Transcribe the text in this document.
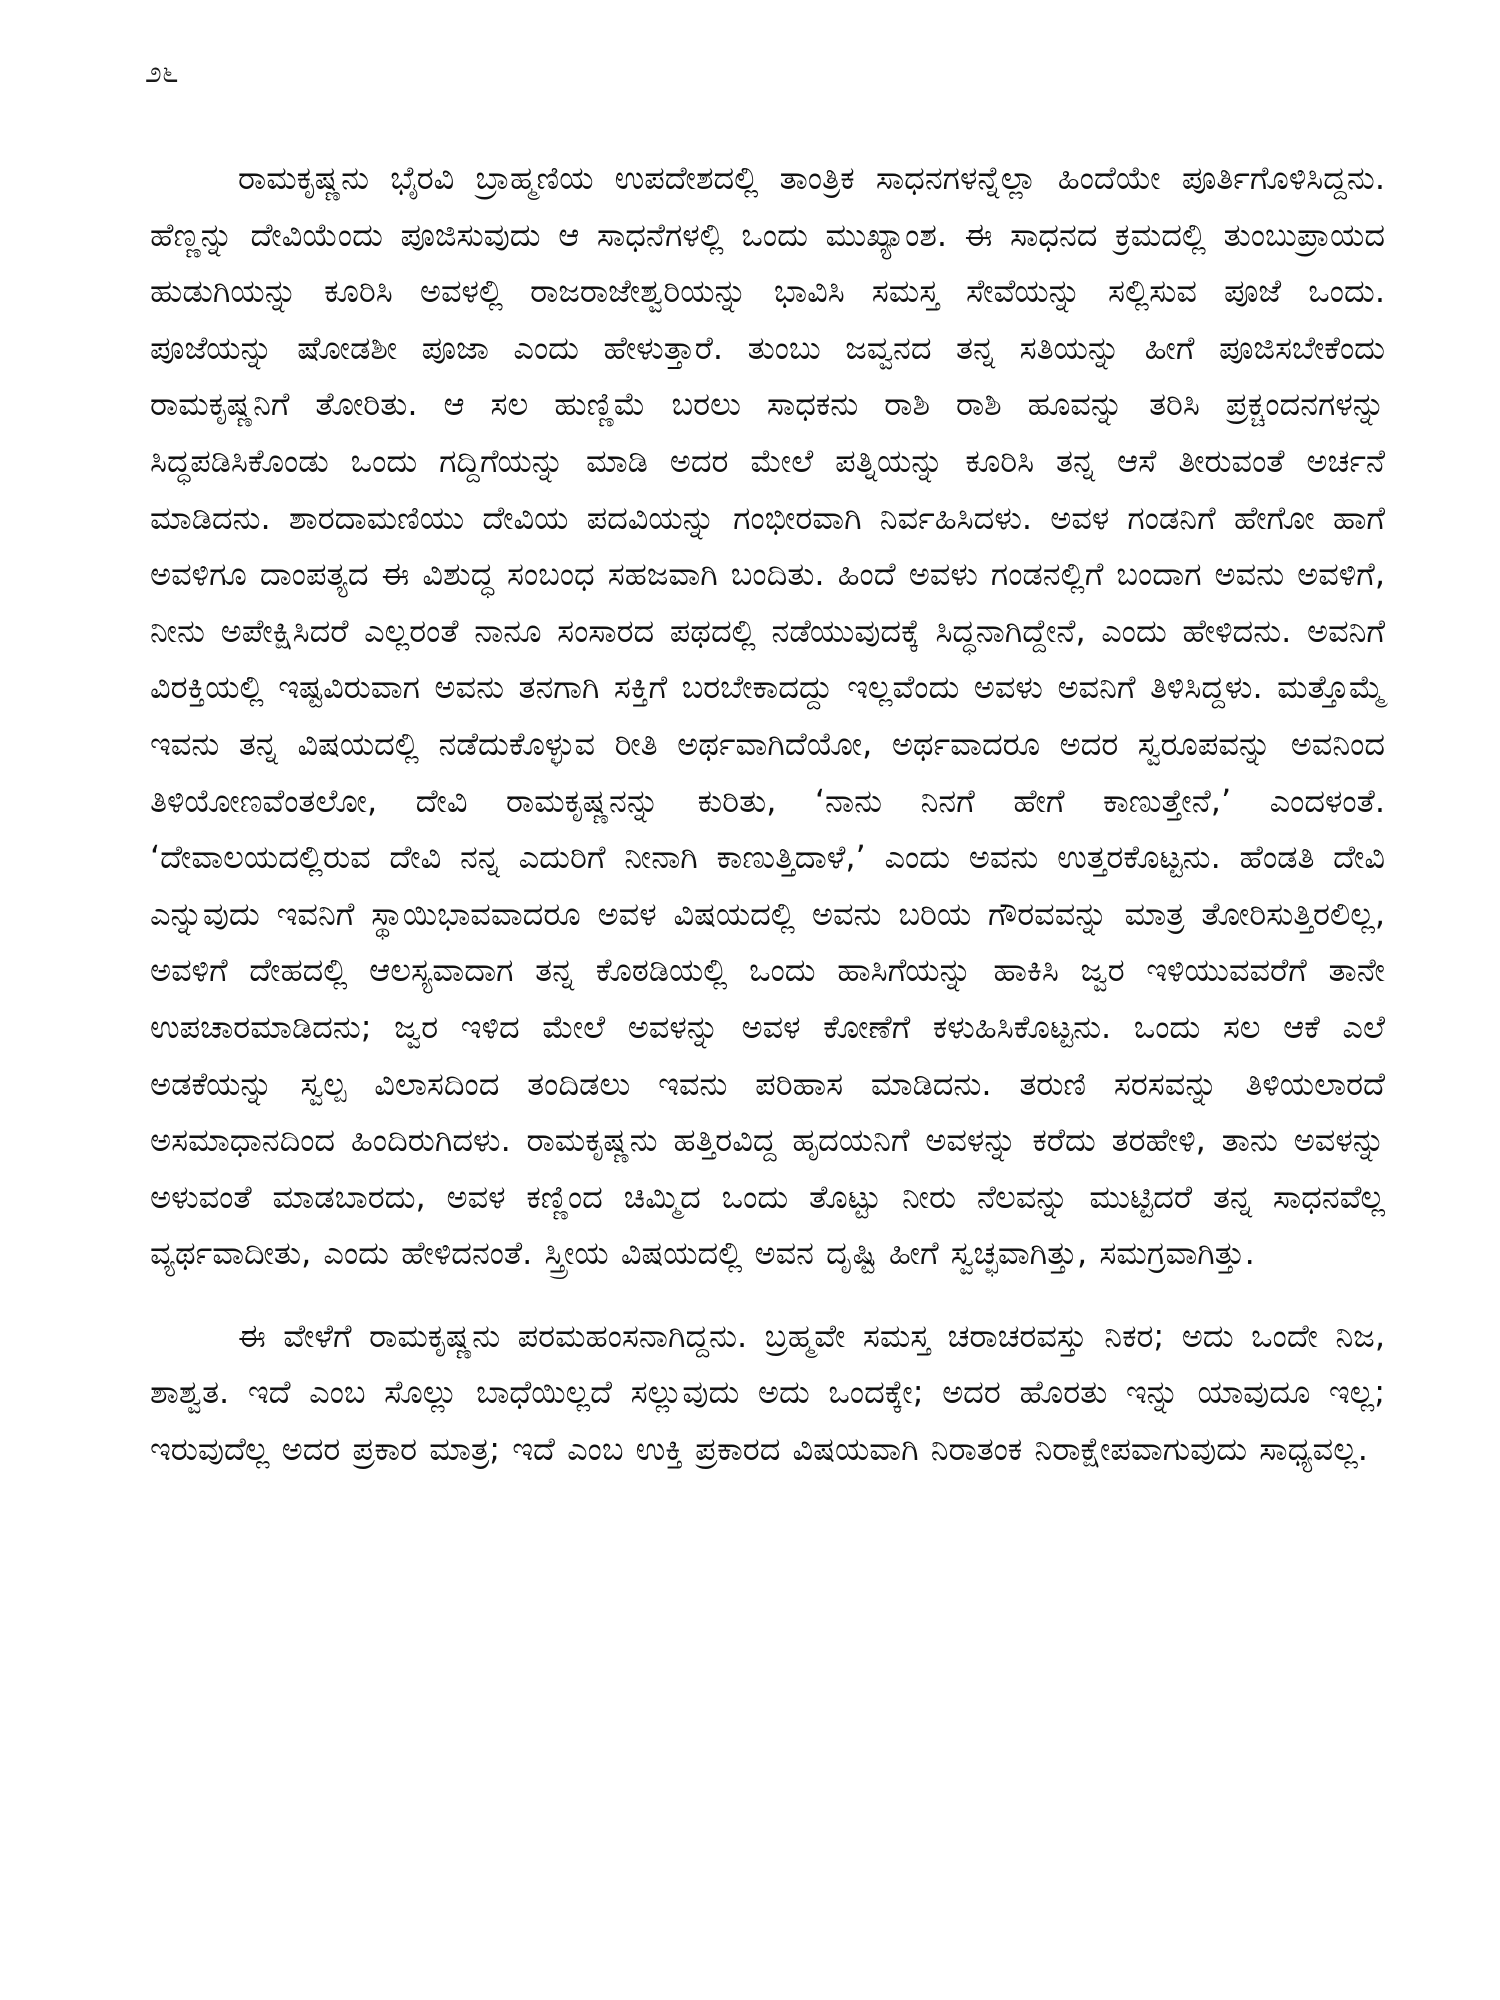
೨೬

ರಾಮಕೃಷ್ಣನು ಭೈರವಿ ಬ್ರಾಹ್ಮಣಿಯ ಉಪದೇಶದಲ್ಲಿ ತಾಂತ್ರಿಕ ಸಾಧನಗಳನ್ನೆಲ್ಲಾ ಹಿಂದೆಯೇ ಪೂರ್ತಿಗೊಳಿಸಿದ್ದನು. ಹೆಣ್ಣನ್ನು ದೇವಿಯೆಂದು ಪೂಜಿಸುವುದು ಆ ಸಾಧನೆಗಳಲ್ಲಿ ಒಂದು ಮುಖ್ಯಾಂಶ. ಈ ಸಾಧನದ ಕ್ರಮದಲ್ಲಿ ತುಂಬುಪ್ರಾಯದ ಹುಡುಗಿಯನ್ನು ಕೂರಿಸಿ ಅವಳಲ್ಲಿ ರಾಜರಾಜೇಶ್ವರಿಯನ್ನು ಭಾವಿಸಿ ಸಮಸ್ತ ಸೇವೆಯನ್ನು ಸಲ್ಲಿಸುವ ಪೂಜೆ ಒಂದು. ಪೂಜೆಯನ್ನು ಷೋಡಶೀ ಪೂಜಾ ಎಂದು ಹೇಳುತ್ತಾರೆ. ತುಂಬು ಜವ್ವನದ ತನ್ನ ಸತಿಯನ್ನು ಹೀಗೆ ಪೂಜಿಸಬೇಕೆಂದು ರಾಮಕೃಷ್ಣನಿಗೆ ತೋರಿತು. ಆ ಸಲ ಹುಣ್ಣಿಮೆ ಬರಲು ಸಾಧಕನು ರಾಶಿ ರಾಶಿ ಹೂವನ್ನು ತರಿಸಿ ಪ್ರಕ್ಚಂದನಗಳನ್ನು ಸಿದ್ಧಪಡಿಸಿಕೊಂಡು ಒಂದು ಗದ್ದಿಗೆಯನ್ನು ಮಾಡಿ ಅದರ ಮೇಲೆ ಪತ್ನಿಯನ್ನು ಕೂರಿಸಿ ತನ್ನ ಆಸೆ ತೀರುವಂತೆ ಅರ್ಚನೆ ಮಾಡಿದನು. ಶಾರದಾಮಣಿಯು ದೇವಿಯ ಪದವಿಯನ್ನು ಗಂಭೀರವಾಗಿ ನಿರ್ವಹಿಸಿದಳು. ಅವಳ ಗಂಡನಿಗೆ ಹೇಗೋ ಹಾಗೆ ಅವಳಿಗೂ ದಾಂಪತ್ಯದ ಈ ವಿಶುದ್ಧ ಸಂಬಂಧ ಸಹಜವಾಗಿ ಬಂದಿತು. ಹಿಂದೆ ಅವಳು ಗಂಡನಲ್ಲಿಗೆ ಬಂದಾಗ ಅವನು ಅವಳಿಗೆ, ನೀನು ಅಪೇಕ್ಷಿಸಿದರೆ ಎಲ್ಲರಂತೆ ನಾನೂ ಸಂಸಾರದ ಪಥದಲ್ಲಿ ನಡೆಯುವುದಕ್ಕೆ ಸಿದ್ಧನಾಗಿದ್ದೇನೆ, ಎಂದು ಹೇಳಿದನು. ಅವನಿಗೆ ವಿರಕ್ತಿಯಲ್ಲಿ ಇಷ್ಟವಿರುವಾಗ ಅವನು ತನಗಾಗಿ ಸಕ್ತಿಗೆ ಬರಬೇಕಾದದ್ದು ಇಲ್ಲವೆಂದು ಅವಳು ಅವನಿಗೆ ತಿಳಿಸಿದ್ದಳು. ಮತ್ತೊಮ್ಮೆ ಇವನು ತನ್ನ ವಿಷಯದಲ್ಲಿ ನಡೆದುಕೊಳ್ಳುವ ರೀತಿ ಅರ್ಥವಾಗಿದೆಯೋ, ಅರ್ಥವಾದರೂ ಅದರ ಸ್ವರೂಪವನ್ನು ಅವನಿಂದ ತಿಳಿಯೋಣವೆಂತಲೋ, ದೇವಿ ರಾಮಕೃಷ್ಣನನ್ನು ಕುರಿತು, ‘ನಾನು ನಿನಗೆ ಹೇಗೆ ಕಾಣುತ್ತೇನೆ,’ ಎಂದಳಂತೆ. ‘ದೇವಾಲಯದಲ್ಲಿರುವ ದೇವಿ ನನ್ನ ಎದುರಿಗೆ ನೀನಾಗಿ ಕಾಣುತ್ತಿದಾಳೆ,’ ಎಂದು ಅವನು ಉತ್ತರಕೊಟ್ಟನು. ಹೆಂಡತಿ ದೇವಿ ಎನ್ನುವುದು ಇವನಿಗೆ ಸ್ಥಾಯಿಭಾವವಾದರೂ ಅವಳ ವಿಷಯದಲ್ಲಿ ಅವನು ಬರಿಯ ಗೌರವವನ್ನು ಮಾತ್ರ ತೋರಿಸುತ್ತಿರಲಿಲ್ಲ, ಅವಳಿಗೆ ದೇಹದಲ್ಲಿ ಆಲಸ್ಯವಾದಾಗ ತನ್ನ ಕೊಠಡಿಯಲ್ಲಿ ಒಂದು ಹಾಸಿಗೆಯನ್ನು ಹಾಕಿಸಿ ಜ್ವರ ಇಳಿಯುವವರೆಗೆ ತಾನೇ ಉಪಚಾರಮಾಡಿದನು; ಜ್ವರ ಇಳಿದ ಮೇಲೆ ಅವಳನ್ನು ಅವಳ ಕೋಣೆಗೆ ಕಳುಹಿಸಿಕೊಟ್ಟನು. ಒಂದು ಸಲ ಆಕೆ ಎಲೆ ಅಡಕೆಯನ್ನು ಸ್ವಲ್ಪ ವಿಲಾಸದಿಂದ ತಂದಿಡಲು ಇವನು ಪರಿಹಾಸ ಮಾಡಿದನು. ತರುಣಿ ಸರಸವನ್ನು ತಿಳಿಯಲಾರದೆ ಅಸಮಾಧಾನದಿಂದ ಹಿಂದಿರುಗಿದಳು. ರಾಮಕೃಷ್ಣನು ಹತ್ತಿರವಿದ್ದ ಹೃದಯನಿಗೆ ಅವಳನ್ನು ಕರೆದು ತರಹೇಳಿ, ತಾನು ಅವಳನ್ನು ಅಳುವಂತೆ ಮಾಡಬಾರದು, ಅವಳ ಕಣ್ಣಿಂದ ಚಿಮ್ಮಿದ ಒಂದು ತೊಟ್ಟು ನೀರು ನೆಲವನ್ನು ಮುಟ್ಟಿದರೆ ತನ್ನ ಸಾಧನವೆಲ್ಲ ವ್ಯರ್ಥವಾದೀತು, ಎಂದು ಹೇಳಿದನಂತೆ. ಸ್ತ್ರೀಯ ವಿಷಯದಲ್ಲಿ ಅವನ ದೃಷ್ಟಿ ಹೀಗೆ ಸ್ವಚ್ಛವಾಗಿತ್ತು, ಸಮಗ್ರವಾಗಿತ್ತು.

ಈ ವೇಳೆಗೆ ರಾಮಕೃಷ್ಣನು ಪರಮಹಂಸನಾಗಿದ್ದನು. ಬ್ರಹ್ಮವೇ ಸಮಸ್ತ ಚರಾಚರವಸ್ತು ನಿಕರ; ಅದು ಒಂದೇ ನಿಜ, ಶಾಶ್ವತ. ಇದೆ ಎಂಬ ಸೊಲ್ಲು ಬಾಧೆಯಿಲ್ಲದೆ ಸಲ್ಲುವುದು ಅದು ಒಂದಕ್ಕೇ; ಅದರ ಹೊರತು ಇನ್ನು ಯಾವುದೂ ಇಲ್ಲ; ಇರುವುದೆಲ್ಲ ಅದರ ಪ್ರಕಾರ ಮಾತ್ರ; ಇದೆ ಎಂಬ ಉಕ್ತಿ ಪ್ರಕಾರದ ವಿಷಯವಾಗಿ ನಿರಾತಂಕ ನಿರಾಕ್ಷೇಪವಾಗುವುದು ಸಾಧ್ಯವಲ್ಲ.
